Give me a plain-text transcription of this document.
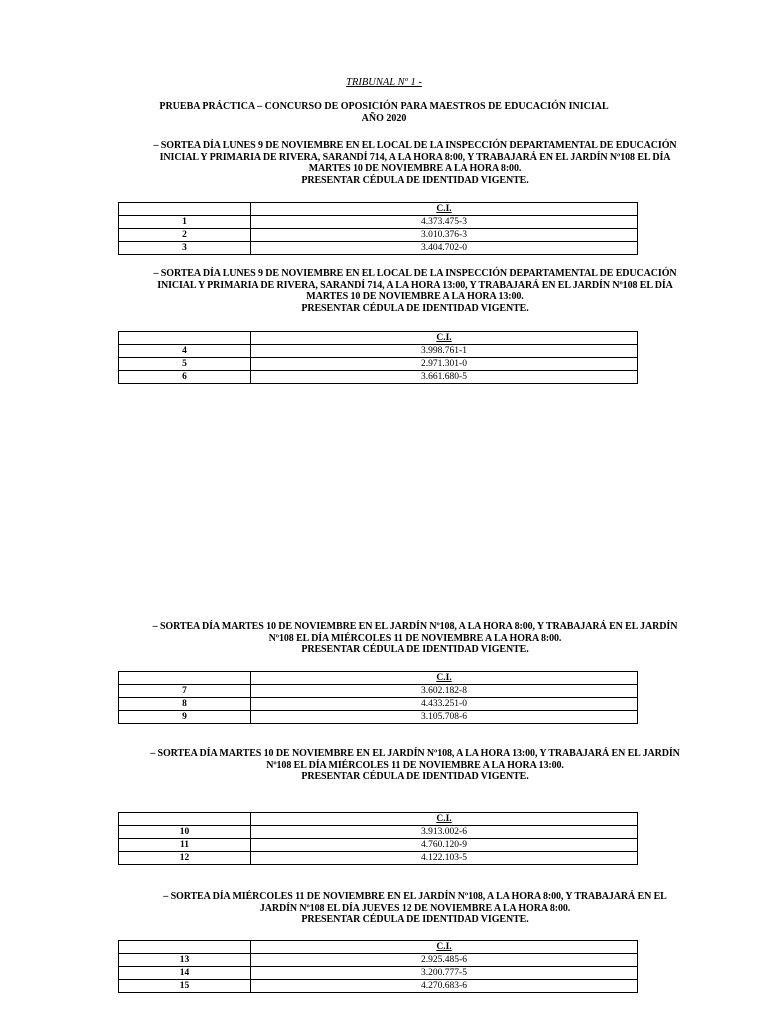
TRIBUNAL Nº 1 -
PRUEBA PRÁCTICA – CONCURSO DE OPOSICIÓN PARA MAESTROS DE EDUCACIÓN INICIAL
AÑO 2020
– SORTEA DÍA LUNES 9 DE NOVIEMBRE EN EL LOCAL DE LA INSPECCIÓN DEPARTAMENTAL DE EDUCACIÓN
INICIAL Y PRIMARIA DE RIVERA, SARANDÍ 714, A LA HORA 8:00, Y TRABAJARÁ EN EL JARDÍN Nº108 EL DÍA
MARTES 10 DE NOVIEMBRE A LA HORA 8:00.
PRESENTAR CÉDULA DE IDENTIDAD VIGENTE.
	C.I.
1	4.373.475-3
2	3.010.376-3
3	3.404.702-0
– SORTEA DÍA LUNES 9 DE NOVIEMBRE EN EL LOCAL DE LA INSPECCIÓN DEPARTAMENTAL DE EDUCACIÓN
INICIAL Y PRIMARIA DE RIVERA, SARANDÍ 714, A LA HORA 13:00, Y TRABAJARÁ EN EL JARDÍN Nº108 EL DÍA
MARTES 10 DE NOVIEMBRE A LA HORA 13:00.
PRESENTAR CÉDULA DE IDENTIDAD VIGENTE.
	C.I.
4	3.998.761-1
5	2.971.301-0
6	3.661.680-5
– SORTEA DÍA MARTES 10 DE NOVIEMBRE EN EL JARDÍN Nº108, A LA HORA 8:00, Y TRABAJARÁ EN EL JARDÍN
Nº108 EL DÍA MIÉRCOLES 11 DE NOVIEMBRE A LA HORA 8:00.
PRESENTAR CÉDULA DE IDENTIDAD VIGENTE.
	C.I.
7	3.602.182-8
8	4.433.251-0
9	3.105.708-6
– SORTEA DÍA MARTES 10 DE NOVIEMBRE EN EL JARDÍN Nº108, A LA HORA 13:00, Y TRABAJARÁ EN EL JARDÍN
Nº108 EL DÍA MIÉRCOLES 11 DE NOVIEMBRE A LA HORA 13:00.
PRESENTAR CÉDULA DE IDENTIDAD VIGENTE.
	C.I.
10	3.913.002-6
11	4.760.120-9
12	4.122.103-5
– SORTEA DÍA MIÉRCOLES 11 DE NOVIEMBRE EN EL JARDÍN Nº108, A LA HORA 8:00, Y TRABAJARÁ EN EL
JARDÍN Nº108 EL DÍA JUEVES 12 DE NOVIEMBRE A LA HORA 8:00.
PRESENTAR CÉDULA DE IDENTIDAD VIGENTE.
	C.I.
13	2.925.485-6
14	3.200.777-5
15	4.270.683-6
